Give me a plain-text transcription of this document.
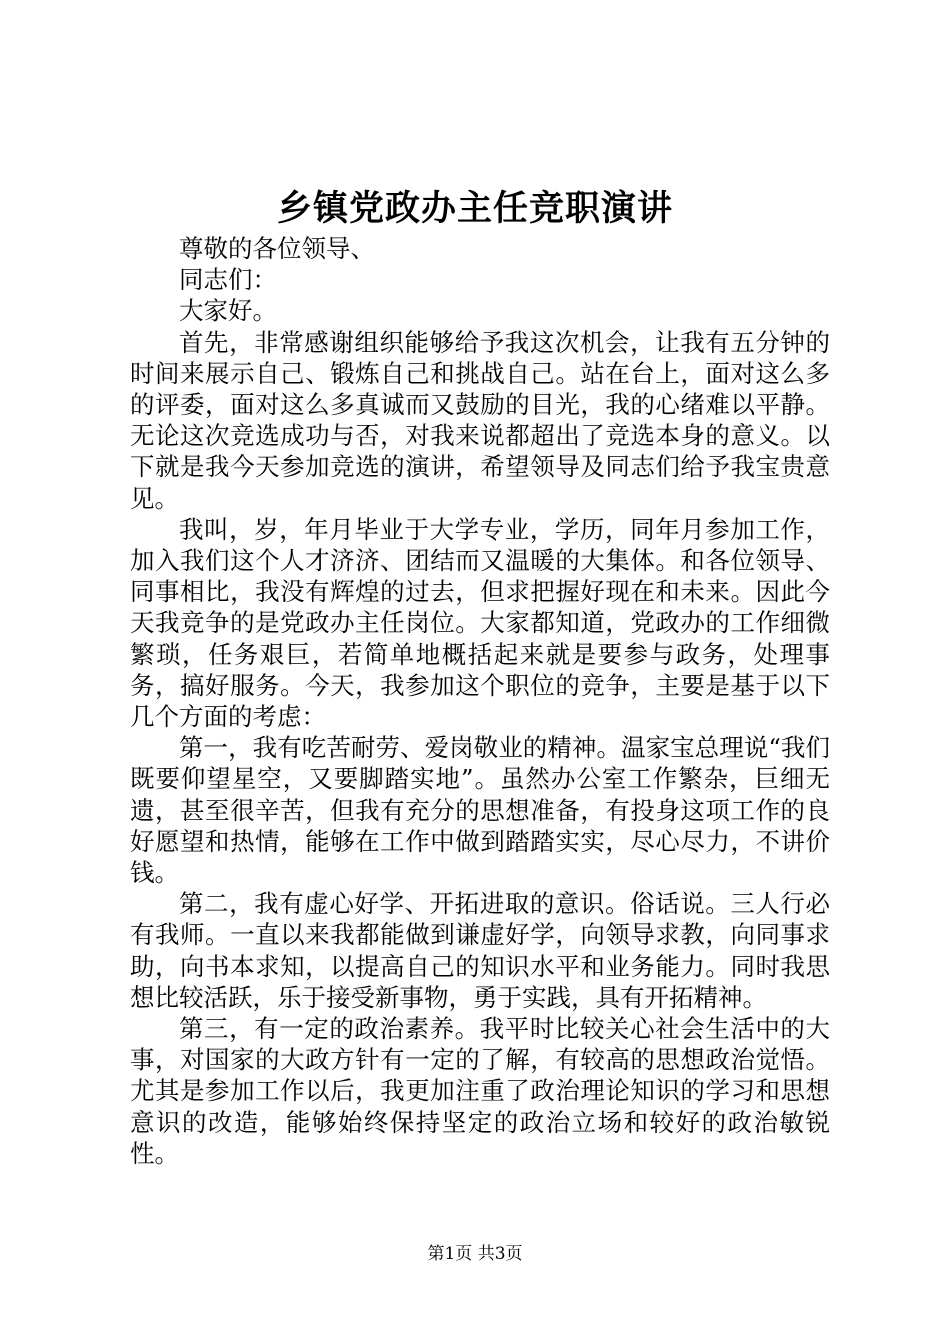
乡镇党政办主任竞职演讲

尊敬的各位领导、

同志们：

大家好。

首先，非常感谢组织能够给予我这次机会，让我有五分钟的时间来展示自己、锻炼自己和挑战自己。站在台上，面对这么多的评委，面对这么多真诚而又鼓励的目光，我的心绪难以平静。无论这次竞选成功与否，对我来说都超出了竞选本身的意义。以下就是我今天参加竞选的演讲，希望领导及同志们给予我宝贵意见。

我叫，岁，年月毕业于大学专业，学历，同年月参加工作，加入我们这个人才济济、团结而又温暖的大集体。和各位领导、同事相比，我没有辉煌的过去，但求把握好现在和未来。因此今天我竞争的是党政办主任岗位。大家都知道，党政办的工作细微繁琐，任务艰巨，若简单地概括起来就是要参与政务，处理事务，搞好服务。今天，我参加这个职位的竞争，主要是基于以下几个方面的考虑：

第一，我有吃苦耐劳、爱岗敬业的精神。温家宝总理说“我们既要仰望星空，又要脚踏实地”。虽然办公室工作繁杂，巨细无遗，甚至很辛苦，但我有充分的思想准备，有投身这项工作的良好愿望和热情，能够在工作中做到踏踏实实，尽心尽力，不讲价钱。

第二，我有虚心好学、开拓进取的意识。俗话说。三人行必有我师。一直以来我都能做到谦虚好学，向领导求教，向同事求助，向书本求知，以提高自己的知识水平和业务能力。同时我思想比较活跃，乐于接受新事物，勇于实践，具有开拓精神。

第三，有一定的政治素养。我平时比较关心社会生活中的大事，对国家的大政方针有一定的了解，有较高的思想政治觉悟。尤其是参加工作以后，我更加注重了政治理论知识的学习和思想意识的改造，能够始终保持坚定的政治立场和较好的政治敏锐性。

第1页 共3页
